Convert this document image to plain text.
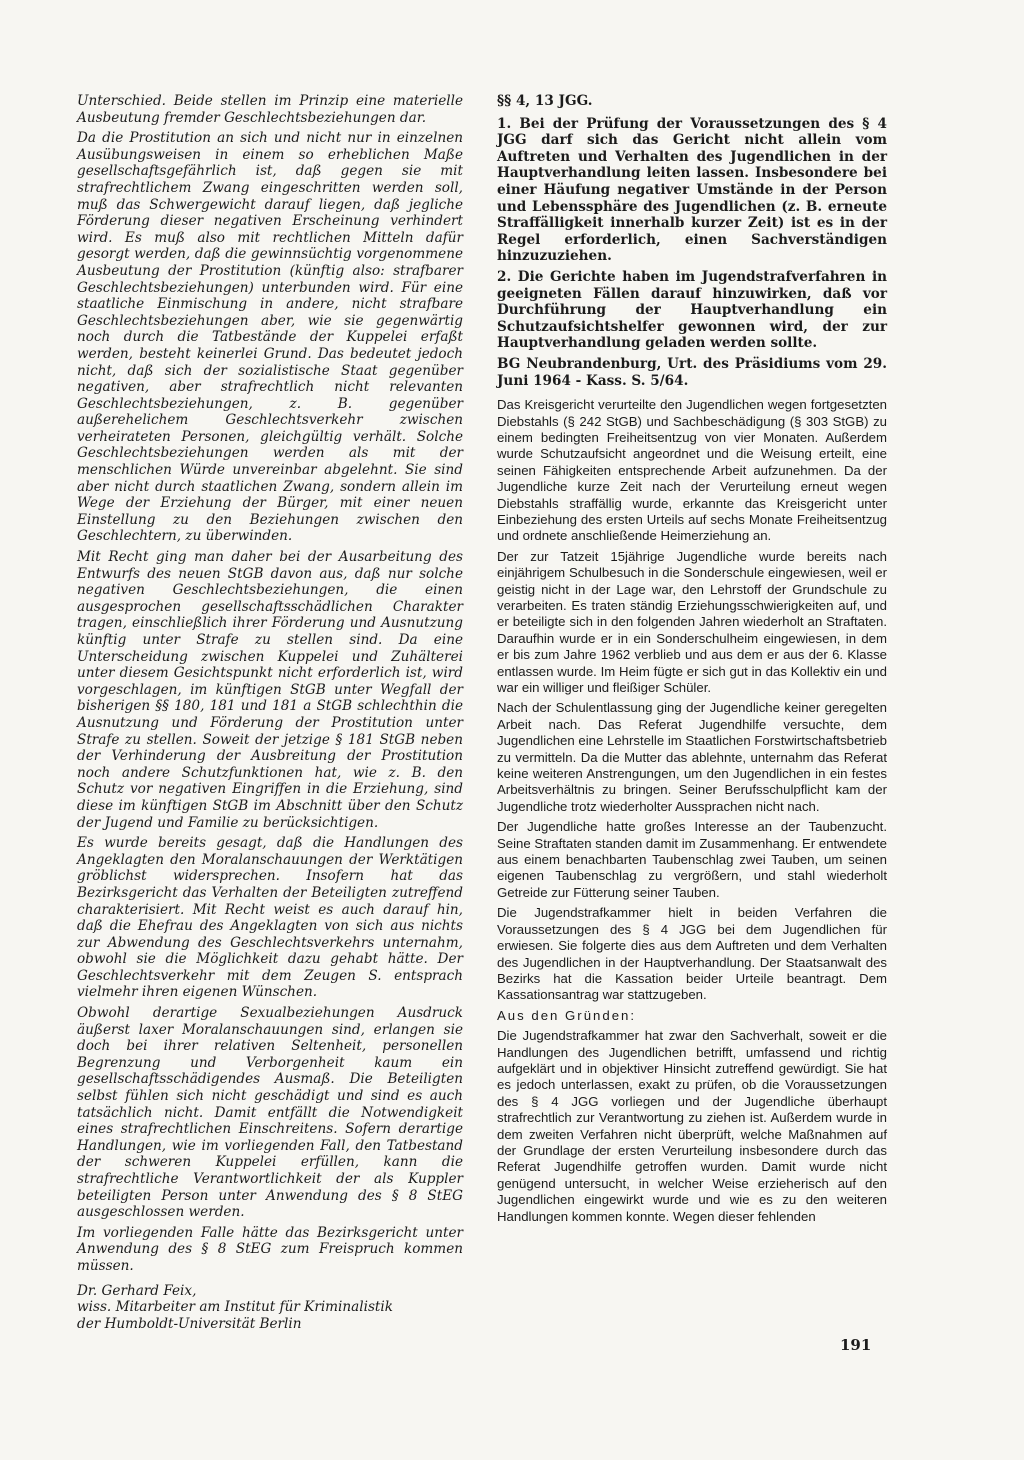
Unterschied. Beide stellen im Prinzip eine materielle Ausbeutung fremder Geschlechtsbeziehungen dar.

Da die Prostitution an sich und nicht nur in einzelnen Ausübungsweisen in einem so erheblichen Maße gesellschaftsgefährlich ist, daß gegen sie mit strafrechtlichem Zwang eingeschritten werden soll, muß das Schwergewicht darauf liegen, daß jegliche Förderung dieser negativen Erscheinung verhindert wird. Es muß also mit rechtlichen Mitteln dafür gesorgt werden, daß die gewinnsüchtig vorgenommene Ausbeutung der Prostitution (künftig also: strafbarer Geschlechtsbeziehungen) unterbunden wird. Für eine staatliche Einmischung in andere, nicht strafbare Geschlechtsbeziehungen aber, wie sie gegenwärtig noch durch die Tatbestände der Kuppelei erfaßt werden, besteht keinerlei Grund. Das bedeutet jedoch nicht, daß sich der sozialistische Staat gegenüber negativen, aber strafrechtlich nicht relevanten Geschlechtsbeziehungen, z. B. gegenüber außerehelichem Geschlechtsverkehr zwischen verheirateten Personen, gleichgültig verhält. Solche Geschlechtsbeziehungen werden als mit der menschlichen Würde unvereinbar abgelehnt. Sie sind aber nicht durch staatlichen Zwang, sondern allein im Wege der Erziehung der Bürger, mit einer neuen Einstellung zu den Beziehungen zwischen den Geschlechtern, zu überwinden.

Mit Recht ging man daher bei der Ausarbeitung des Entwurfs des neuen StGB davon aus, daß nur solche negativen Geschlechtsbeziehungen, die einen ausgesprochen gesellschaftsschädlichen Charakter tragen, einschließlich ihrer Förderung und Ausnutzung künftig unter Strafe zu stellen sind. Da eine Unterscheidung zwischen Kuppelei und Zuhälterei unter diesem Gesichtspunkt nicht erforderlich ist, wird vorgeschlagen, im künftigen StGB unter Wegfall der bisherigen §§ 180, 181 und 181 a StGB schlechthin die Ausnutzung und Förderung der Prostitution unter Strafe zu stellen. Soweit der jetzige § 181 StGB neben der Verhinderung der Ausbreitung der Prostitution noch andere Schutzfunktionen hat, wie z. B. den Schutz vor negativen Eingriffen in die Erziehung, sind diese im künftigen StGB im Abschnitt über den Schutz der Jugend und Familie zu berücksichtigen.

Es wurde bereits gesagt, daß die Handlungen des Angeklagten den Moralanschauungen der Werktätigen gröblichst widersprechen. Insofern hat das Bezirksgericht das Verhalten der Beteiligten zutreffend charakterisiert. Mit Recht weist es auch darauf hin, daß die Ehefrau des Angeklagten von sich aus nichts zur Abwendung des Geschlechtsverkehrs unternahm, obwohl sie die Möglichkeit dazu gehabt hätte. Der Geschlechtsverkehr mit dem Zeugen S. entsprach vielmehr ihren eigenen Wünschen.

Obwohl derartige Sexualbeziehungen Ausdruck äußerst laxer Moralanschauungen sind, erlangen sie doch bei ihrer relativen Seltenheit, personellen Begrenzung und Verborgenheit kaum ein gesellschaftsschädigendes Ausmaß. Die Beteiligten selbst fühlen sich nicht geschädigt und sind es auch tatsächlich nicht. Damit entfällt die Notwendigkeit eines strafrechtlichen Einschreitens. Sofern derartige Handlungen, wie im vorliegenden Fall, den Tatbestand der schweren Kuppelei erfüllen, kann die strafrechtliche Verantwortlichkeit der als Kuppler beteiligten Person unter Anwendung des § 8 StEG ausgeschlossen werden.

Im vorliegenden Falle hätte das Bezirksgericht unter Anwendung des § 8 StEG zum Freispruch kommen müssen.

Dr. Gerhard Feix,
wiss. Mitarbeiter am Institut für Kriminalistik
der Humboldt-Universität Berlin

§§ 4, 13 JGG.

1. Bei der Prüfung der Voraussetzungen des § 4 JGG darf sich das Gericht nicht allein vom Auftreten und Verhalten des Jugendlichen in der Hauptverhandlung leiten lassen. Insbesondere bei einer Häufung negativer Umstände in der Person und Lebenssphäre des Jugendlichen (z. B. erneute Straffälligkeit innerhalb kurzer Zeit) ist es in der Regel erforderlich, einen Sachverständigen hinzuzuziehen.

2. Die Gerichte haben im Jugendstrafverfahren in geeigneten Fällen darauf hinzuwirken, daß vor Durchführung der Hauptverhandlung ein Schutzaufsichtshelfer gewonnen wird, der zur Hauptverhandlung geladen werden sollte.

BG Neubrandenburg, Urt. des Präsidiums vom 29. Juni 1964 - Kass. S. 5/64.

Das Kreisgericht verurteilte den Jugendlichen wegen fortgesetzten Diebstahls (§ 242 StGB) und Sachbeschädigung (§ 303 StGB) zu einem bedingten Freiheitsentzug von vier Monaten. Außerdem wurde Schutzaufsicht angeordnet und die Weisung erteilt, eine seinen Fähigkeiten entsprechende Arbeit aufzunehmen. Da der Jugendliche kurze Zeit nach der Verurteilung erneut wegen Diebstahls straffällig wurde, erkannte das Kreisgericht unter Einbeziehung des ersten Urteils auf sechs Monate Freiheitsentzug und ordnete anschließende Heimerziehung an.

Der zur Tatzeit 15jährige Jugendliche wurde bereits nach einjährigem Schulbesuch in die Sonderschule eingewiesen, weil er geistig nicht in der Lage war, den Lehrstoff der Grundschule zu verarbeiten. Es traten ständig Erziehungsschwierigkeiten auf, und er beteiligte sich in den folgenden Jahren wiederholt an Straftaten. Daraufhin wurde er in ein Sonderschulheim eingewiesen, in dem er bis zum Jahre 1962 verblieb und aus dem er aus der 6. Klasse entlassen wurde. Im Heim fügte er sich gut in das Kollektiv ein und war ein williger und fleißiger Schüler.

Nach der Schulentlassung ging der Jugendliche keiner geregelten Arbeit nach. Das Referat Jugendhilfe versuchte, dem Jugendlichen eine Lehrstelle im Staatlichen Forstwirtschaftsbetrieb zu vermitteln. Da die Mutter das ablehnte, unternahm das Referat keine weiteren Anstrengungen, um den Jugendlichen in ein festes Arbeitsverhältnis zu bringen. Seiner Berufsschulpflicht kam der Jugendliche trotz wiederholter Aussprachen nicht nach.

Der Jugendliche hatte großes Interesse an der Taubenzucht. Seine Straftaten standen damit im Zusammenhang. Er entwendete aus einem benachbarten Taubenschlag zwei Tauben, um seinen eigenen Taubenschlag zu vergrößern, und stahl wiederholt Getreide zur Fütterung seiner Tauben.

Die Jugendstrafkammer hielt in beiden Verfahren die Voraussetzungen des § 4 JGG bei dem Jugendlichen für erwiesen. Sie folgerte dies aus dem Auftreten und dem Verhalten des Jugendlichen in der Hauptverhandlung. Der Staatsanwalt des Bezirks hat die Kassation beider Urteile beantragt. Dem Kassationsantrag war stattzugeben.

Aus den Gründen:

Die Jugendstrafkammer hat zwar den Sachverhalt, soweit er die Handlungen des Jugendlichen betrifft, umfassend und richtig aufgeklärt und in objektiver Hinsicht zutreffend gewürdigt. Sie hat es jedoch unterlassen, exakt zu prüfen, ob die Voraussetzungen des § 4 JGG vorliegen und der Jugendliche überhaupt strafrechtlich zur Verantwortung zu ziehen ist. Außerdem wurde in dem zweiten Verfahren nicht überprüft, welche Maßnahmen auf der Grundlage der ersten Verurteilung insbesondere durch das Referat Jugendhilfe getroffen wurden. Damit wurde nicht genügend untersucht, in welcher Weise erzieherisch auf den Jugendlichen eingewirkt wurde und wie es zu den weiteren Handlungen kommen konnte. Wegen dieser fehlenden

191
